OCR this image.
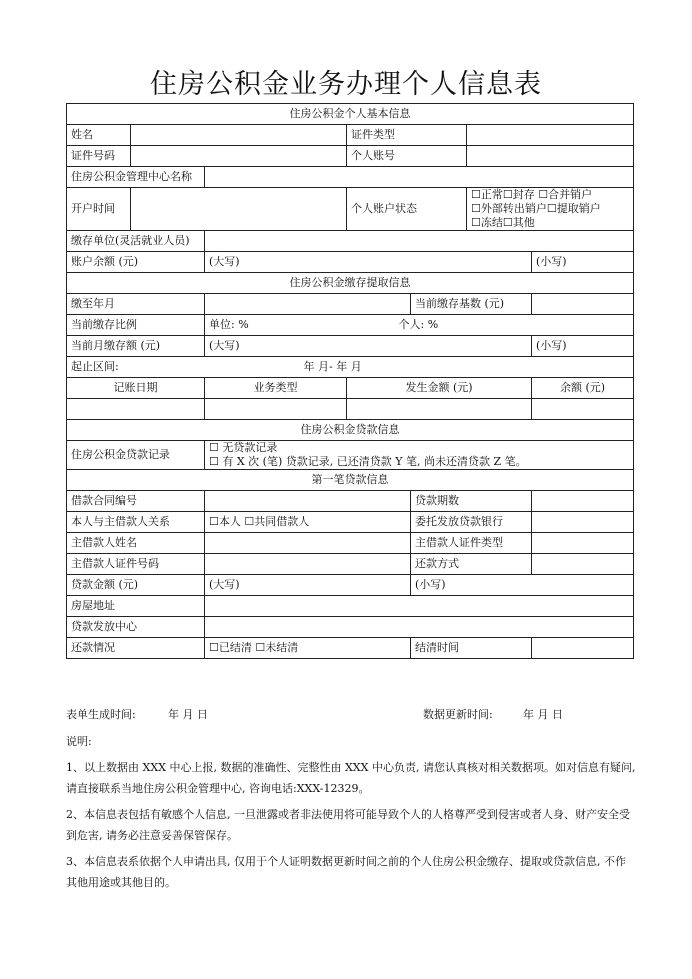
住房公积金业务办理个人信息表
住房公积金个人基本信息						
姓名			证件类型			
证件号码			个人账号			
住房公积金管理中心名称						
开户时间			个人账户状态		☐正常☐封存 ☐合并销户
☐外部转出销户☐提取销户
☐冻结☐其他	

缴存单位(灵活就业人员)						
账户余额 (元)		(大写)				(小写)
住房公积金缴存提取信息						
缴至年月				当前缴存基数 (元)		
当前缴存比例		单位: %	个人: %			
当前月缴存额 (元)		(大写)				(小写)
起止区间:		年 月- 年 月				
记账日期		业务类型	发生金额 (元)			余额 (元)

住房公积金贷款信息						
住房公积金贷款记录		☐ 无贷款记录
☐ 有 X 次 (笔) 贷款记录, 已还清贷款 Y 笔, 尚未还清贷款 Z 笔。				

第一笔贷款信息						
借款合同编号				贷款期数		
本人与主借款人关系		☐本人 ☐共同借款人		委托发放贷款银行		
主借款人姓名				主借款人证件类型		
主借款人证件号码				还款方式		
贷款金额 (元)		(大写)		(小写)		
房屋地址						
贷款发放中心						
还款情况		☐已结清 ☐未结清		结清时间		
表单生成时间:	年 月 日	数据更新时间:	年 月 日
说明:

1、以上数据由 XXX 中心上报, 数据的准确性、完整性由 XXX 中心负责, 请您认真核对相关数据项。如对信息有疑问, 请直接联系当地住房公积金管理中心, 咨询电话:XXX-12329。

2、本信息表包括有敏感个人信息, 一旦泄露或者非法使用将可能导致个人的人格尊严受到侵害或者人身、财产安全受到危害, 请务必注意妥善保管保存。

3、本信息表系依据个人申请出具, 仅用于个人证明数据更新时间之前的个人住房公积金缴存、提取或贷款信息, 不作其他用途或其他目的。
